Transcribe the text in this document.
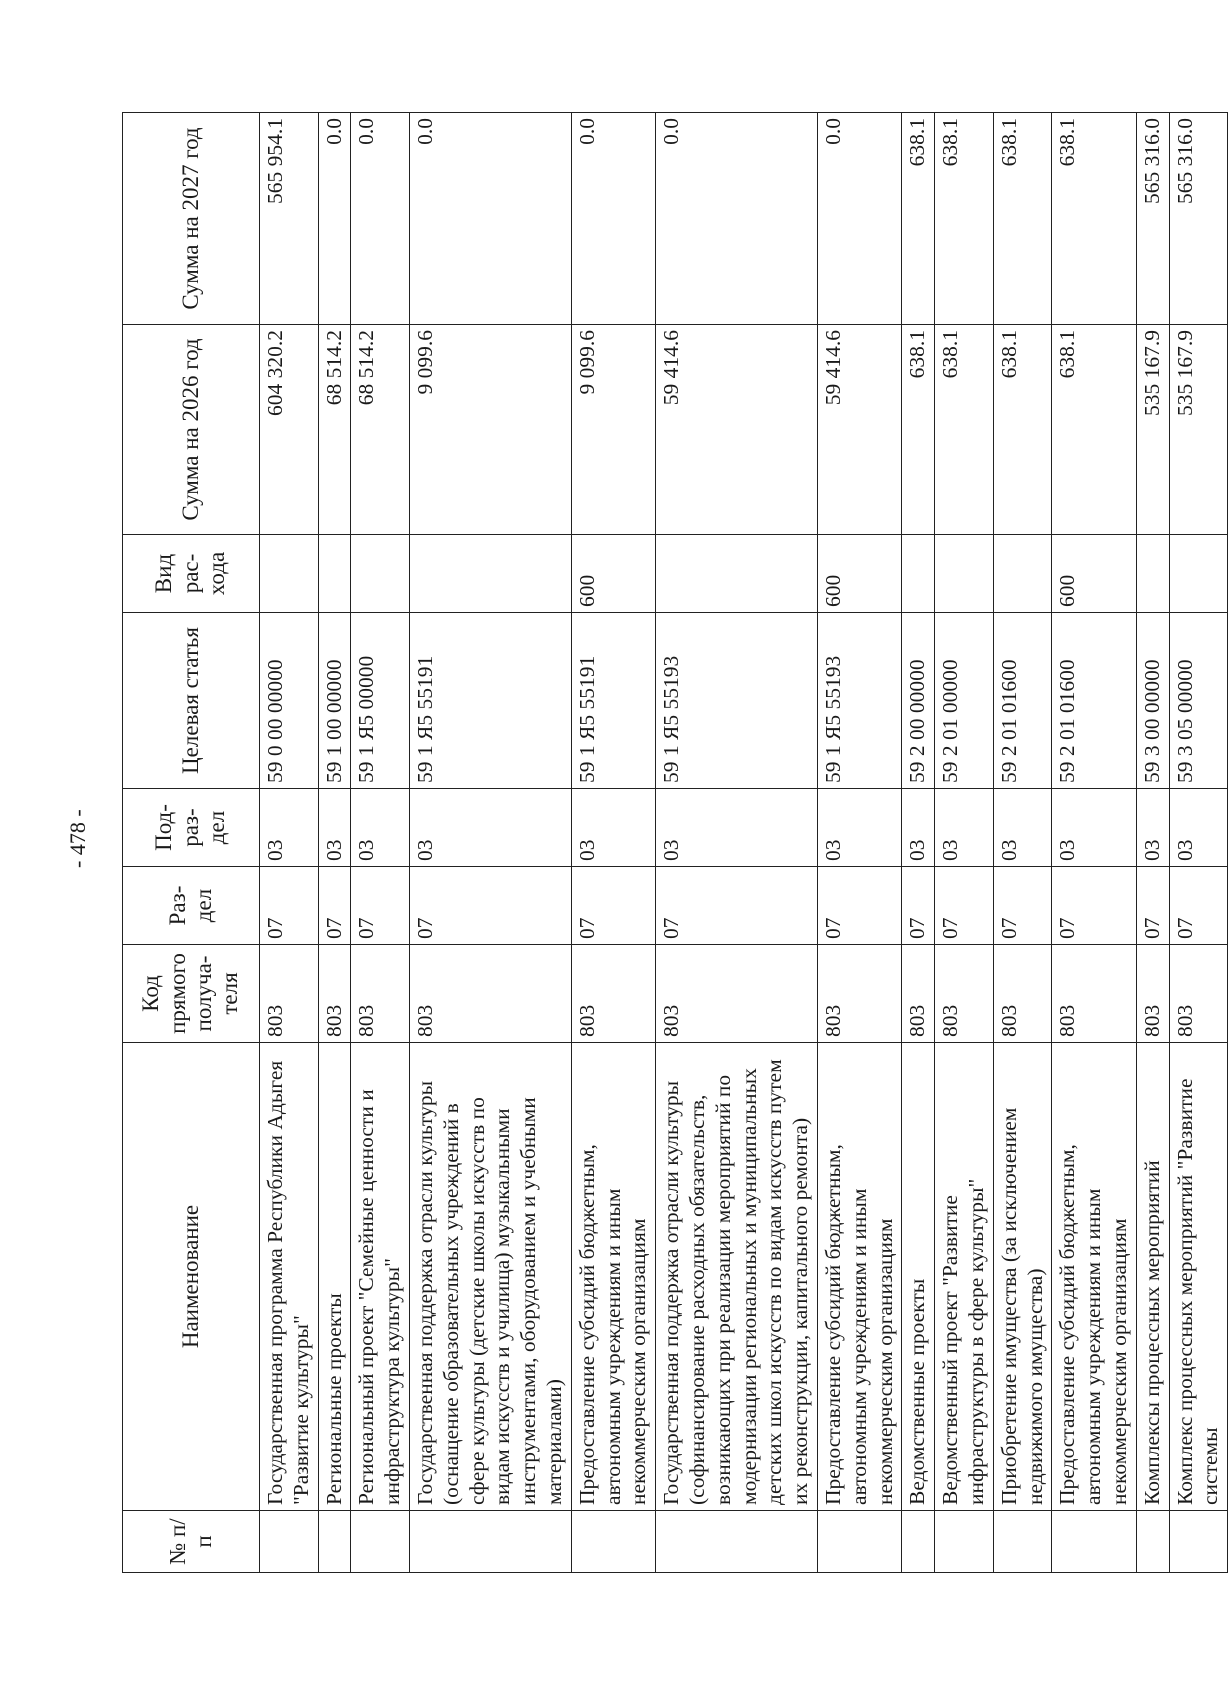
- 478 -
№ п/п	Наименование	Код прямого получа-теля	Раз-дел	Под-раз-дел	Целевая статья	Вид рас-хода	Сумма на 2026 год	Сумма на 2027 год
	Государственная программа Республики Адыгея "Развитие культуры"	803	07	03	59 0 00 00000		604 320.2	565 954.1
	Региональные проекты	803	07	03	59 1 00 00000		68 514.2	0.0
	Региональный проект "Семейные ценности и инфраструктура культуры"	803	07	03	59 1 Я5 00000		68 514.2	0.0
	Государственная поддержка отрасли культуры (оснащение образовательных учреждений в сфере культуры (детские школы искусств по видам искусств и училища) музыкальными инструментами, оборудованием и учебными материалами)	803	07	03	59 1 Я5 55191		9 099.6	0.0
	Предоставление субсидий бюджетным, автономным учреждениям и иным некоммерческим организациям	803	07	03	59 1 Я5 55191	600	9 099.6	0.0
	Государственная поддержка отрасли культуры (софинансирование расходных обязательств, возникающих при реализации мероприятий по модернизации региональных и муниципальных детских школ искусств по видам искусств путем их реконструкции, капитального ремонта)	803	07	03	59 1 Я5 55193		59 414.6	0.0
	Предоставление субсидий бюджетным, автономным учреждениям и иным некоммерческим организациям	803	07	03	59 1 Я5 55193	600	59 414.6	0.0
	Ведомственные проекты	803	07	03	59 2 00 00000		638.1	638.1
	Ведомственный проект "Развитие инфраструктуры в сфере культуры"	803	07	03	59 2 01 00000		638.1	638.1
	Приобретение имущества (за исключением недвижимого имущества)	803	07	03	59 2 01 01600		638.1	638.1
	Предоставление субсидий бюджетным, автономным учреждениям и иным некоммерческим организациям	803	07	03	59 2 01 01600	600	638.1	638.1
	Комплексы процессных мероприятий	803	07	03	59 3 00 00000		535 167.9	565 316.0
	Комплекс процессных мероприятий "Развитие системы	803	07	03	59 3 05 00000		535 167.9	565 316.0
